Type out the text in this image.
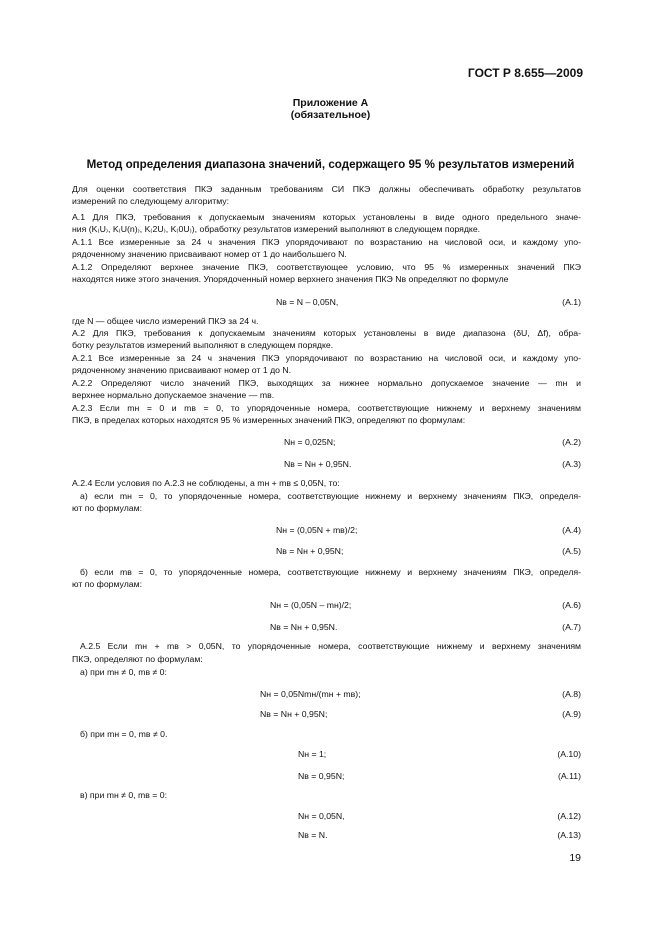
ГОСТ Р 8.655—2009
Приложение А
(обязательное)
Метод определения диапазона значений, содержащего 95 % результатов измерений
Для оценки соответствия ПКЭ заданным требованиям СИ ПКЭ должны обеспечивать обработку результатов
измерений по следующему алгоритму:
А.1 Для ПКЭ, требования к допускаемым значениям которых установлены в виде одного предельного значе-
ния (K₍U₎, K₍U(n)₎, K₍2U₎, K₍0U₎), обработку результатов измерений выполняют в следующем порядке.
А.1.1 Все измеренные за 24 ч значения ПКЭ упорядочивают по возрастанию на числовой оси, и каждому упо-
рядоченному значению присваивают номер от 1 до наибольшего N.
А.1.2 Определяют верхнее значение ПКЭ, соответствующее условию, что 95 % измеренных значений ПКЭ
находятся ниже этого значения. Упорядоченный номер верхнего значения ПКЭ Nв определяют по формуле
Nв = N – 0,05N,	(А.1)
где N — общее число измерений ПКЭ за 24 ч.
А.2 Для ПКЭ, требования к допускаемым значениям которых установлены в виде диапазона (δU, Δf), обра-
ботку результатов измерений выполняют в следующем порядке.
А.2.1 Все измеренные за 24 ч значения ПКЭ упорядочивают по возрастанию на числовой оси, и каждому упо-
рядоченному значению присваивают номер от 1 до N.
А.2.2 Определяют число значений ПКЭ, выходящих за нижнее нормально допускаемое значение — mн и
верхнее нормально допускаемое значение — mв.
А.2.3 Если mн = 0 и mв = 0, то упорядоченные номера, соответствующие нижнему и верхнему значениям
ПКЭ, в пределах которых находятся 95 % измеренных значений ПКЭ, определяют по формулам:
Nн = 0,025N;	(А.2)
Nв = Nн + 0,95N.	(А.3)
А.2.4 Если условия по А.2.3 не соблюдены, а mн + mв ≤ 0,05N, то:
а) если mн = 0, то упорядоченные номера, соответствующие нижнему и верхнему значениям ПКЭ, определя-
ют по формулам:
Nн = (0,05N + mв)/2;	(А.4)
Nв = Nн + 0,95N;	(А.5)
б) если mв = 0, то упорядоченные номера, соответствующие нижнему и верхнему значениям ПКЭ, определя-
ют по формулам:
Nн = (0,05N – mн)/2;	(А.6)
Nв = Nн + 0,95N.	(А.7)
А.2.5 Если mн + mв > 0,05N, то упорядоченные номера, соответствующие нижнему и верхнему значениям
ПКЭ, определяют по формулам:
а) при mн ≠ 0, mв ≠ 0:
Nн = 0,05Nmн/(mн + mв);	(А.8)
Nв = Nн + 0,95N;	(А.9)
б) при mн = 0, mв ≠ 0.
Nн = 1;	(А.10)
Nв = 0,95N;	(А.11)
в) при mн ≠ 0, mв = 0:
Nн = 0,05N,	(А.12)
Nв = N.	(А.13)
19
